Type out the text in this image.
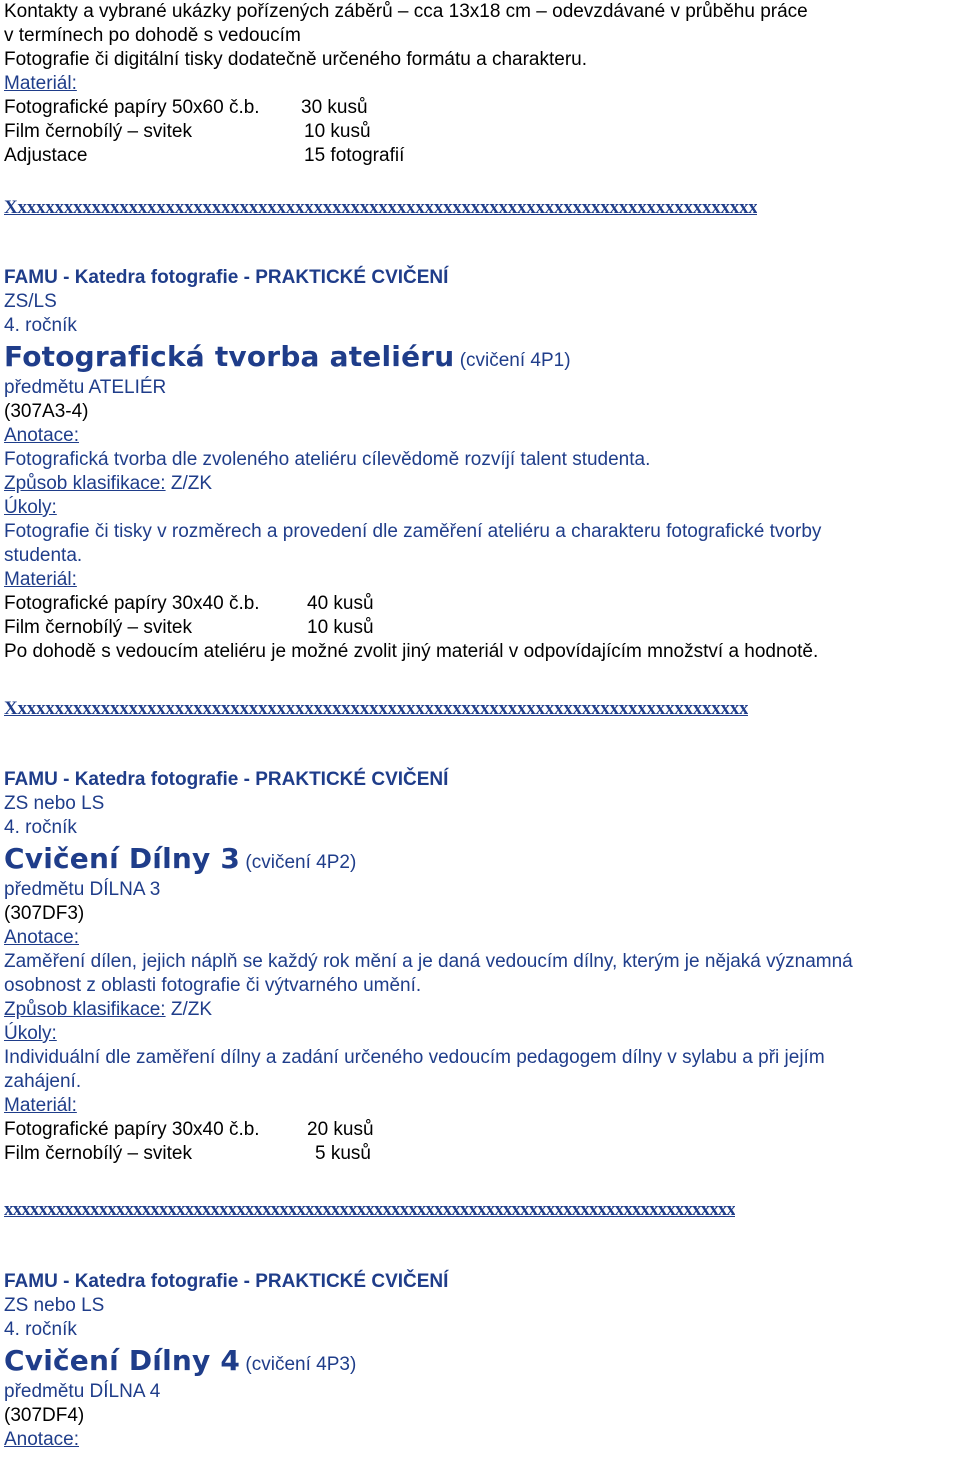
Kontakty a vybrané ukázky pořízených záběrů – cca 13x18 cm – odevzdávané v průběhu práce
v termínech po dohodě s vedoucím
Fotografie či digitální tisky dodatečně určeného formátu a charakteru.
Materiál:
Fotografické papíry 50x60 č.b. 30 kusů
Film černobílý – svitek	10 kusů
Adjustace	15 fotografií
Xxxxxxxxxxxxxxxxxxxxxxxxxxxxxxxxxxxxxxxxxxxxxxxxxxxxxxxxxxxxxxxxxxxxxxxxxxxxxxxxx
FAMU - Katedra fotografie - PRAKTICKÉ CVIČENÍ
ZS/LS
4. ročník
Fotografická tvorba ateliéru (cvičení 4P1)
předmětu ATELIÉR
(307A3-4)
Anotace:
Fotografická tvorba dle zvoleného ateliéru cílevědomě rozvíjí talent studenta.
Způsob klasifikace: Z/ZK
Úkoly:
Fotografie či tisky v rozměrech a provedení dle zaměření ateliéru a charakteru fotografické tvorby
studenta.
Materiál:
Fotografické papíry 30x40 č.b. 40 kusů
Film černobílý – svitek	10 kusů
Po dohodě s vedoucím ateliéru je možné zvolit jiný materiál v odpovídajícím množství a hodnotě.
Xxxxxxxxxxxxxxxxxxxxxxxxxxxxxxxxxxxxxxxxxxxxxxxxxxxxxxxxxxxxxxxxxxxxxxxxxxxxxxxx
FAMU - Katedra fotografie - PRAKTICKÉ CVIČENÍ
ZS nebo LS
4. ročník
Cvičení Dílny 3 (cvičení 4P2)
předmětu DÍLNA 3
(307DF3)
Anotace:
Zaměření dílen, jejich náplň se každý rok mění a je daná vedoucím dílny, kterým je nějaká významná
osobnost z oblasti fotografie či výtvarného umění.
Způsob klasifikace: Z/ZK
Úkoly:
Individuální dle zaměření dílny a zadání určeného vedoucím pedagogem dílny v sylabu a při jejím
zahájení.
Materiál:
Fotografické papíry 30x40 č.b. 20 kusů
Film černobílý – svitek	5 kusů
xxxxxxxxxxxxxxxxxxxxxxxxxxxxxxxxxxxxxxxxxxxxxxxxxxxxxxxxxxxxxxxxxxxxxxxxxxxxxxxxxxxxx
FAMU - Katedra fotografie - PRAKTICKÉ CVIČENÍ
ZS nebo LS
4. ročník
Cvičení Dílny 4 (cvičení 4P3)
předmětu DÍLNA 4
(307DF4)
Anotace:
